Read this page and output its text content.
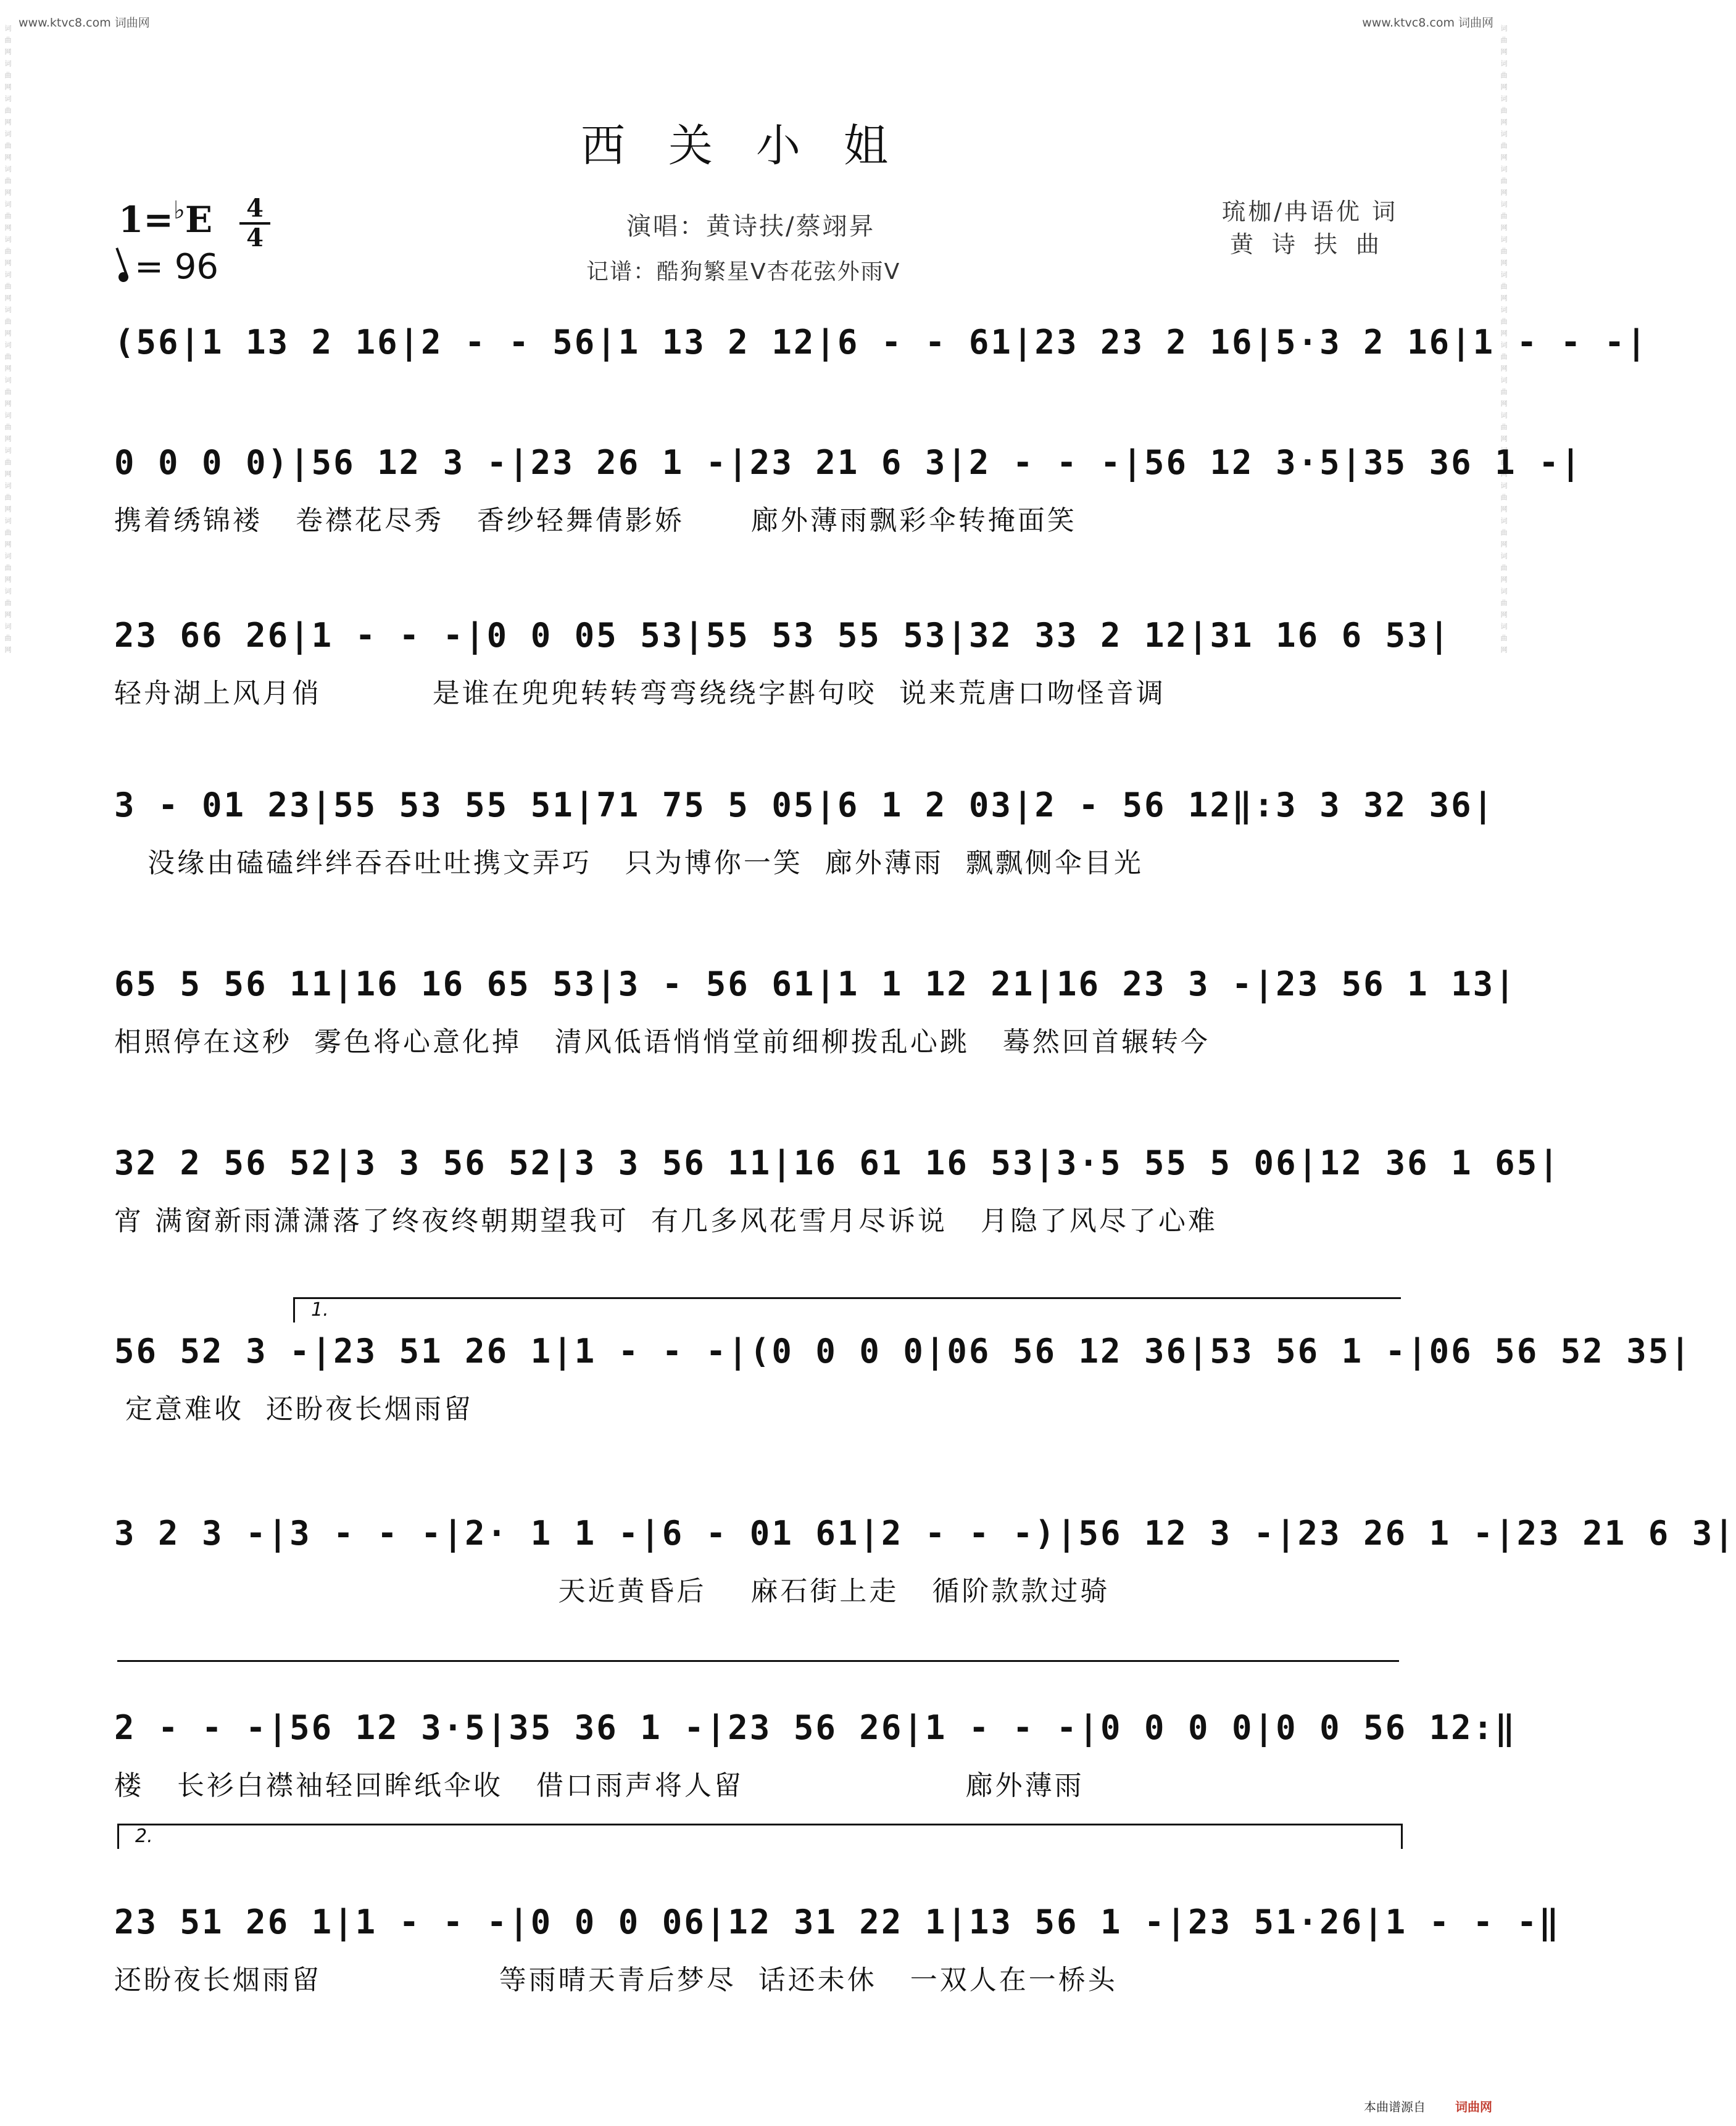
www.ktvc8.com 词曲网	www.ktvc8.com 词曲网
词曲网词曲网词曲网词曲网词曲网词曲网词曲网词曲网词曲网词曲网词曲网词曲网词曲网词曲网词曲网词曲网词曲网词曲网	词曲网词曲网词曲网词曲网词曲网词曲网词曲网词曲网词曲网词曲网词曲网词曲网词曲网词曲网词曲网词曲网词曲网词曲网
西关小姐
1=♭E 4
4
= 96
演唱：黄诗扶/蔡翊昇
记谱：酷狗繁星V杏花弦外雨V
琉枷/冉语优 词
黄诗扶曲
(56|1 13 2 16|2 - - 56|1 13 2 12|6 - - 61|23 23 2 16|5·3 2 16|1 - - -|
0 0 0 0)|56 12 3 -|23 26 1 -|23 21 6 3|2 - - -|56 12 3·5|35 36 1 -|
携着绣锦褛   卷襟花尽秀   香纱轻舞倩影娇      廊外薄雨飘彩伞转掩面笑
23 66 26|1 - - -|0 0 05 53|55 53 55 53|32 33 2 12|31 16 6 53|
轻舟湖上风月俏          是谁在兜兜转转弯弯绕绕字斟句咬  说来荒唐口吻怪音调
3 - 01 23|55 53 55 51|71 75 5 05|6 1 2 03|2 - 56 12‖:3 3 32 36|
没缘由磕磕绊绊吞吞吐吐携文弄巧   只为博你一笑  廊外薄雨  飘飘侧伞目光
65 5 56 11|16 16 65 53|3 - 56 61|1 1 12 21|16 23 3 -|23 56 1 13|
相照停在这秒  雾色将心意化掉   清风低语悄悄堂前细柳拨乱心跳   蓦然回首辗转今
32 2 56 52|3 3 56 52|3 3 56 11|16 61 16 53|3·5 55 5 06|12 36 1 65|
宵 满窗新雨潇潇落了终夜终朝期望我可  有几多风花雪月尽诉说   月隐了风尽了心难
1.
56 52 3 -|23 51 26 1|1 - - -|(0 0 0 0|06 56 12 36|53 56 1 -|06 56 52 35|
定意难收  还盼夜长烟雨留
3 2 3 -|3 - - -|2· 1 1 -|6 - 01 61|2 - - -)|56 12 3 -|23 26 1 -|23 21 6 3|
天近黄昏后    麻石街上走   循阶款款过骑
2 - - -|56 12 3·5|35 36 1 -|23 56 26|1 - - -|0 0 0 0|0 0 56 12:‖
楼   长衫白襟袖轻回眸纸伞收   借口雨声将人留                    廊外薄雨
2.
23 51 26 1|1 - - -|0 0 0 06|12 31 22 1|13 56 1 -|23 51·26|1 - - -‖
还盼夜长烟雨留                等雨晴天青后梦尽  话还未休   一双人在一桥头
本曲谱源自 词曲网
